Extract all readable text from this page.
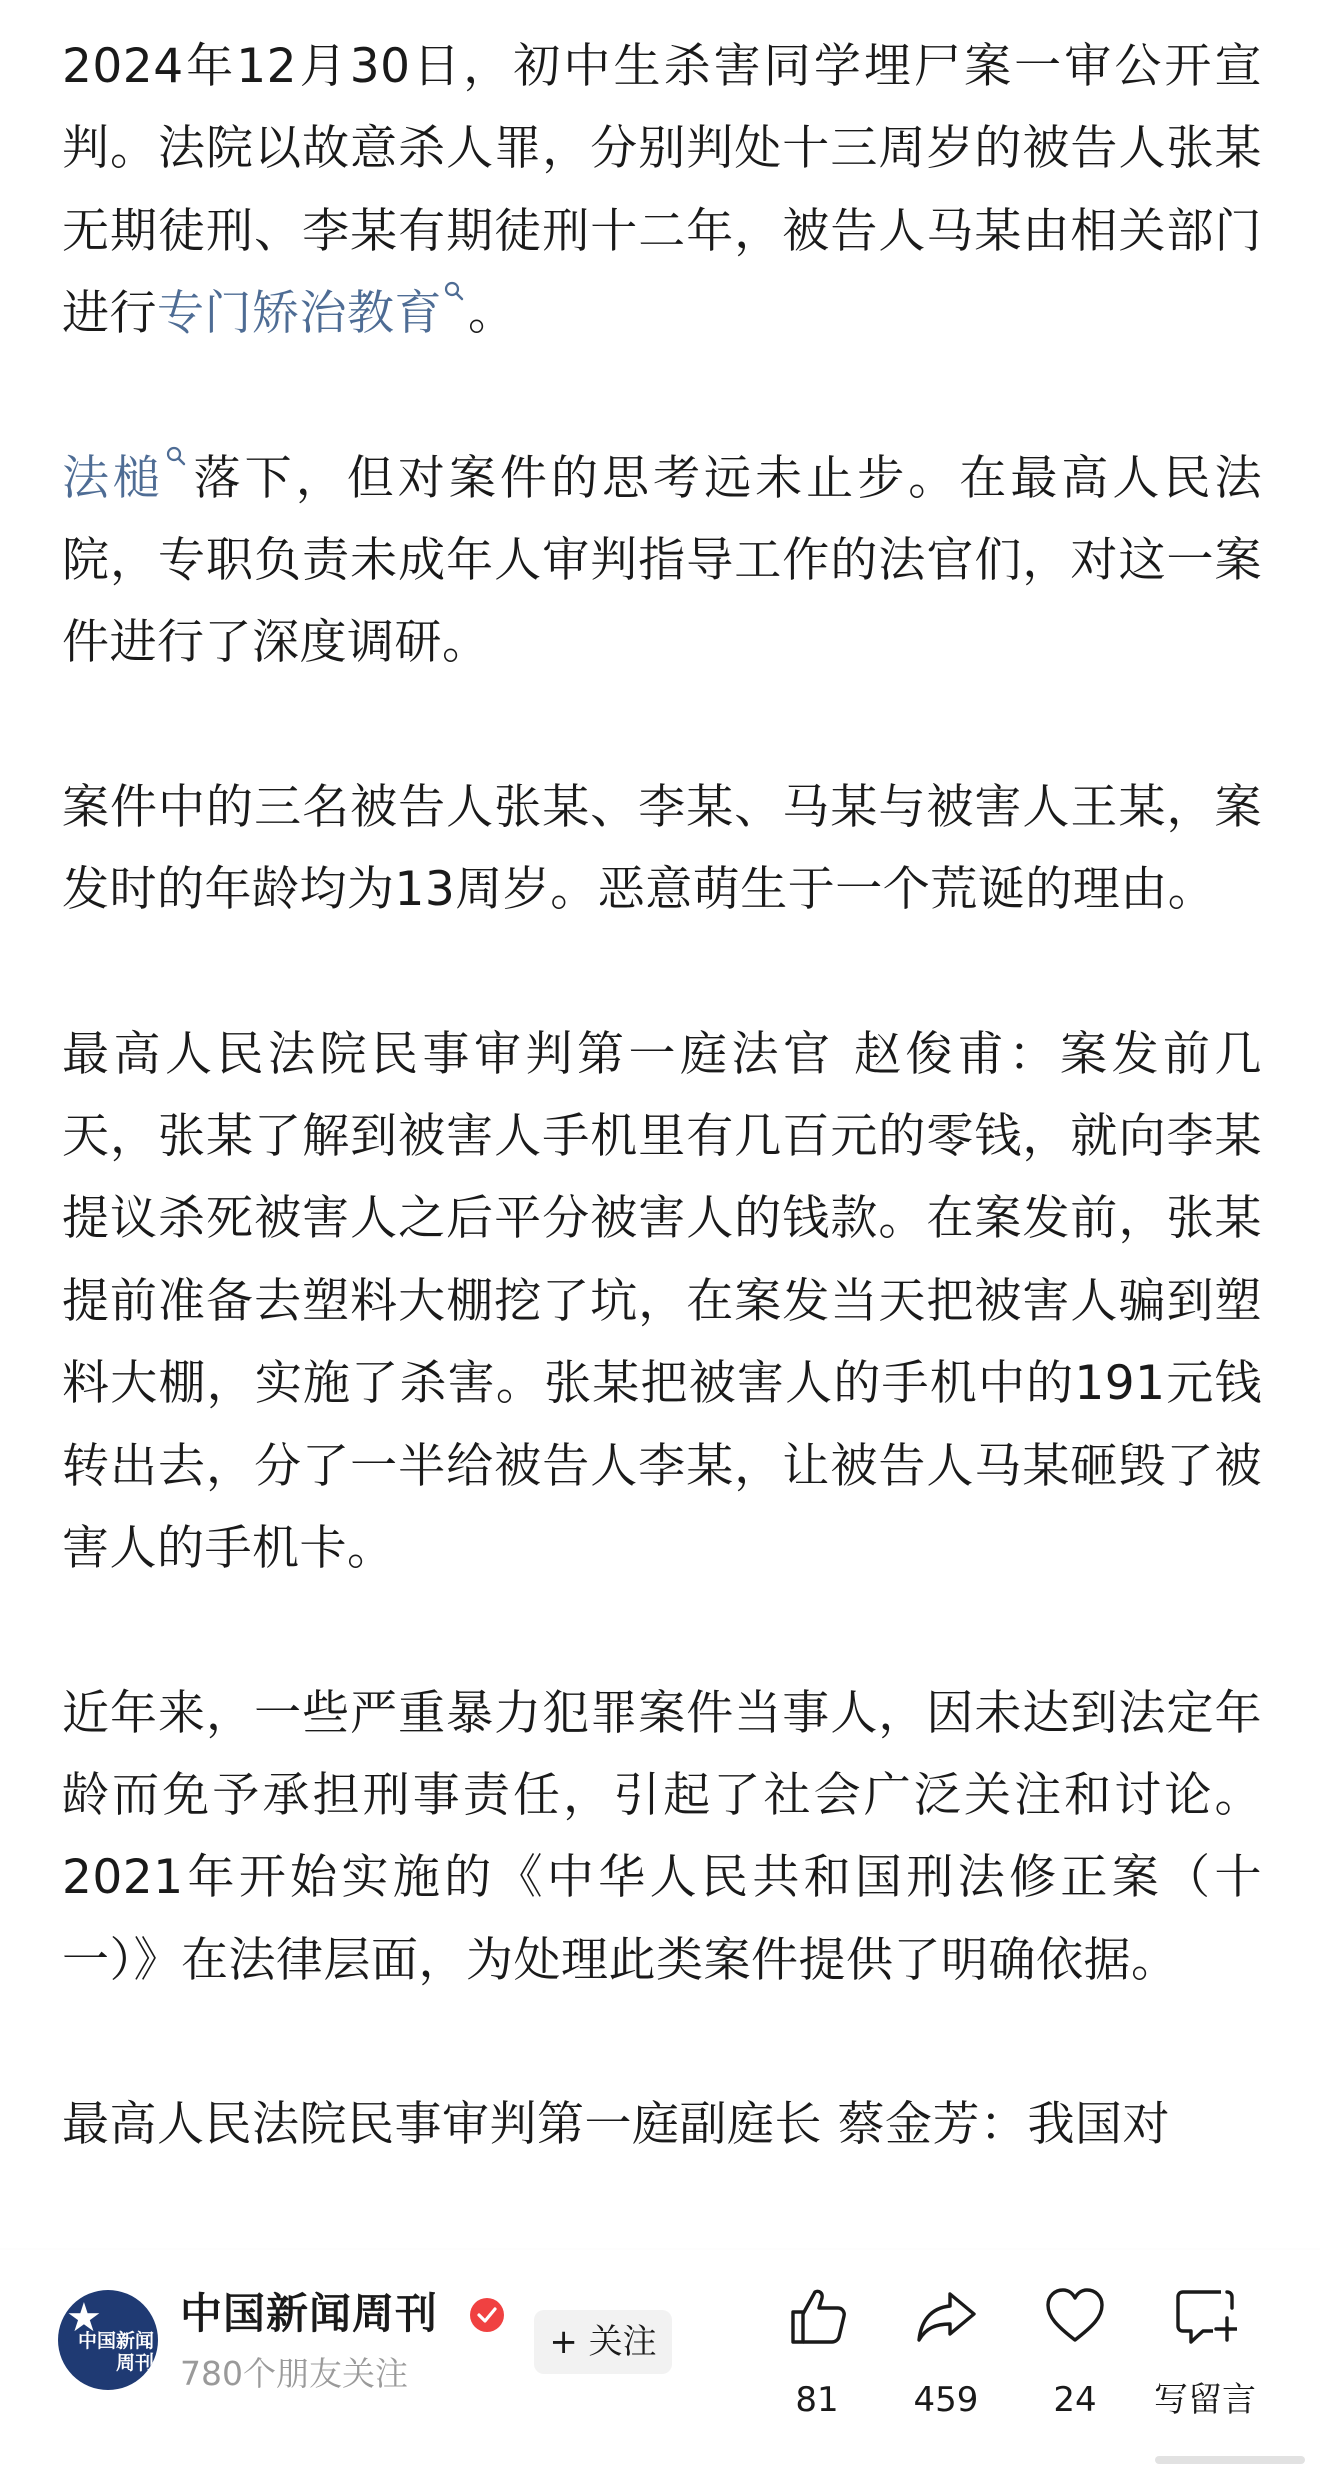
2024年12月30日，初中生杀害同学埋尸案一审公开宣判。法院以故意杀人罪，分别判处十三周岁的被告人张某无期徒刑、李某有期徒刑十二年，被告人马某由相关部门进行专门矫治教育 。

法槌 落下，但对案件的思考远未止步。在最高人民法院，专职负责未成年人审判指导工作的法官们，对这一案件进行了深度调研。

案件中的三名被告人张某、李某、马某与被害人王某，案发时的年龄均为13周岁。恶意萌生于一个荒诞的理由。

最高人民法院民事审判第一庭法官 赵俊甫：案发前几天，张某了解到被害人手机里有几百元的零钱，就向李某提议杀死被害人之后平分被害人的钱款。在案发前，张某提前准备去塑料大棚挖了坑，在案发当天把被害人骗到塑料大棚，实施了杀害。张某把被害人的手机中的191元钱转出去，分了一半给被告人李某，让被告人马某砸毁了被害人的手机卡。

近年来，一些严重暴力犯罪案件当事人，因未达到法定年龄而免予承担刑事责任，引起了社会广泛关注和讨论。2021年开始实施的《中华人民共和国刑法修正案（十一）》在法律层面，为处理此类案件提供了明确依据。

最高人民法院民事审判第一庭副庭长 蔡金芳：我国对

★
中国新闻周刊
中国新闻周刊
780个朋友关注
+ 关注
81	459	24	写留言
